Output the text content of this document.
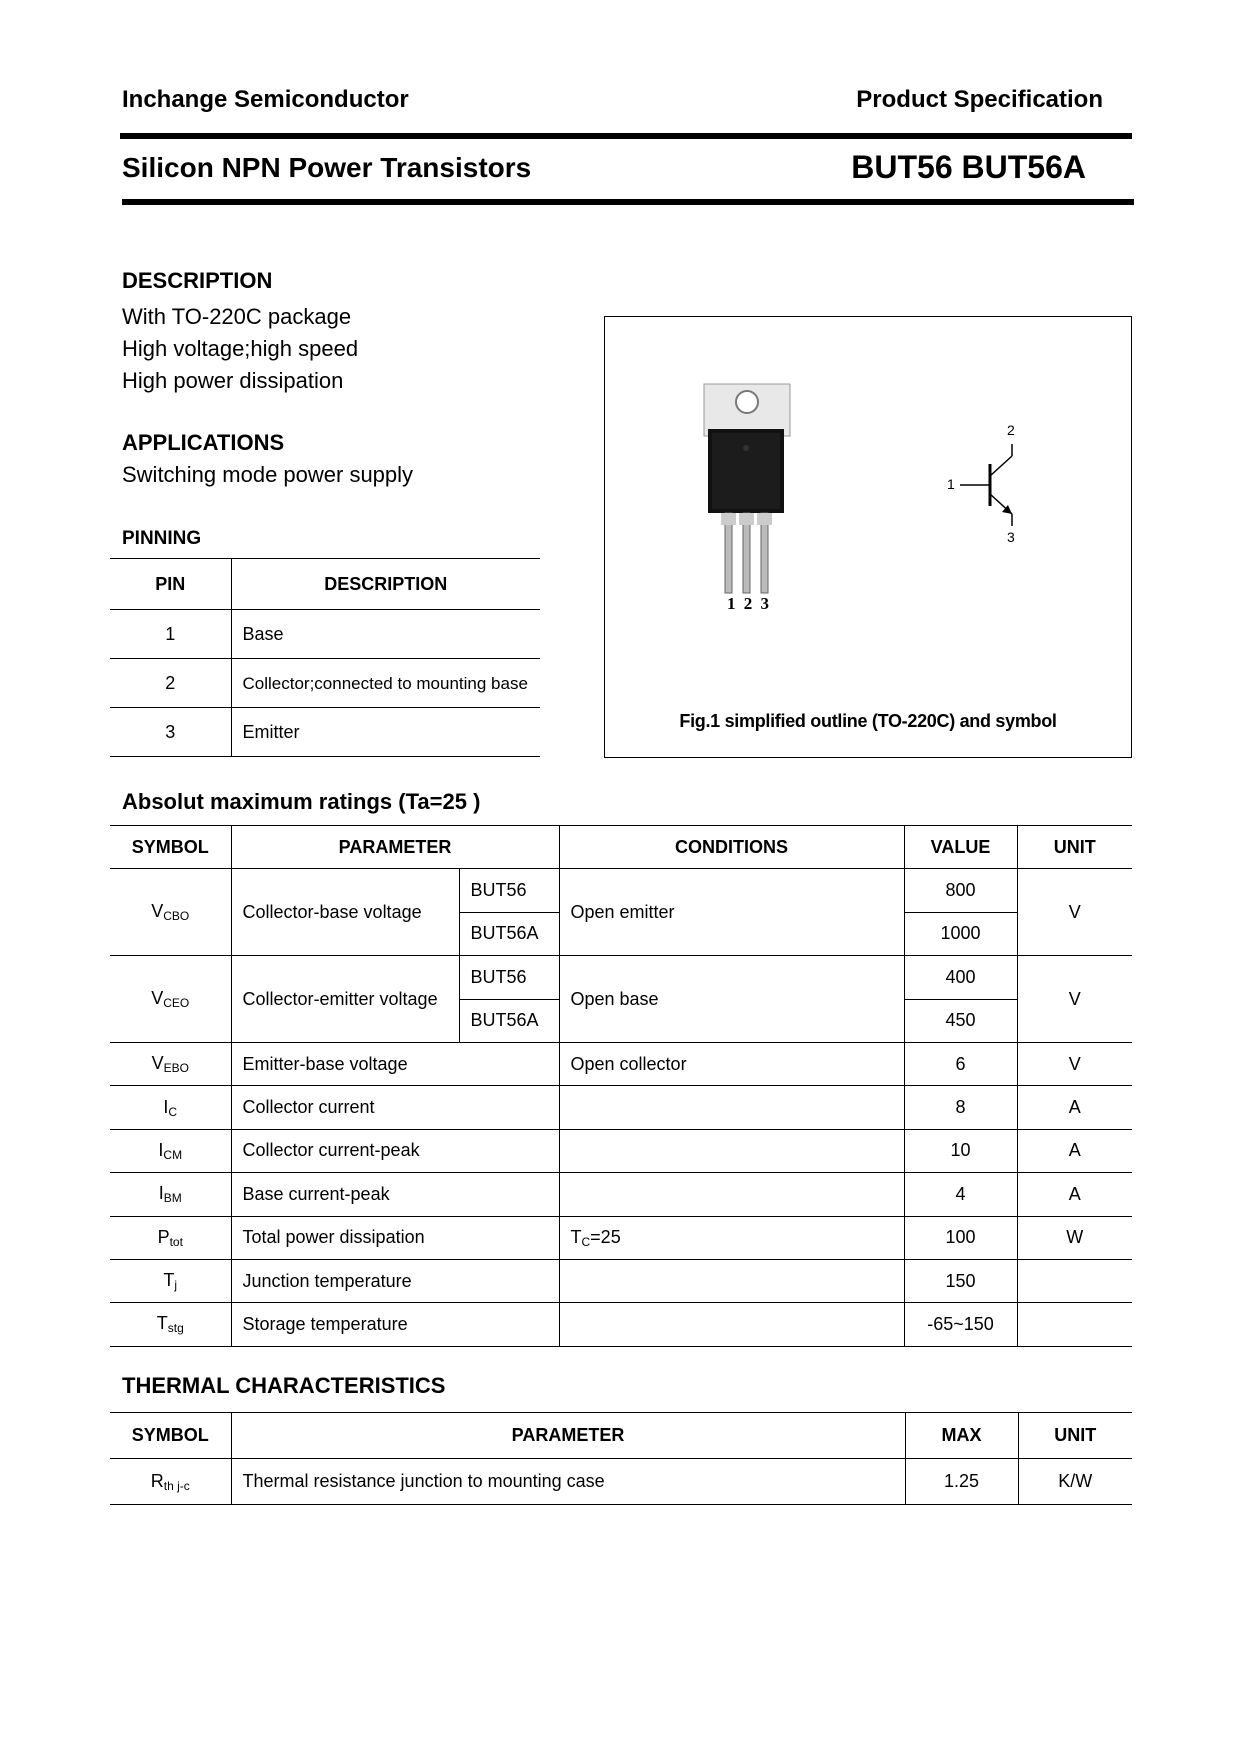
Inchange Semiconductor	Product Specification
Silicon NPN Power Transistors	BUT56 BUT56A
DESCRIPTION
With TO-220C package
High voltage;high speed
High power dissipation
APPLICATIONS
Switching mode power supply
PINNING
PIN	DESCRIPTION
1	Base
2	Collector;connected to mounting base
3	Emitter
1 2 3
1
2
3
Fig.1 simplified outline (TO-220C) and symbol
Absolut maximum ratings (Ta=25 )
SYMBOL	PARAMETER		CONDITIONS	VALUE	UNIT
$V_{CBO}$	Collector-base voltage	BUT56	Open emitter	800	V
		BUT56A		1000	
$V_{CEO}$	Collector-emitter voltage	BUT56	Open base	400	V
		BUT56A		450	
$V_{EBO}$	Emitter-base voltage		Open collector	6	V
$I_C$	Collector current			8	A
$I_{CM}$	Collector current-peak			10	A
$I_{BM}$	Base current-peak			4	A
$P_{tot}$	Total power dissipation		$T_C=25$	100	W
$T_j$	Junction temperature			150	
$T_{stg}$	Storage temperature			-65~150	
THERMAL CHARACTERISTICS
SYMBOL	PARAMETER	MAX	UNIT
$R_{th j-c}$	Thermal resistance junction to mounting case	1.25	K/W
